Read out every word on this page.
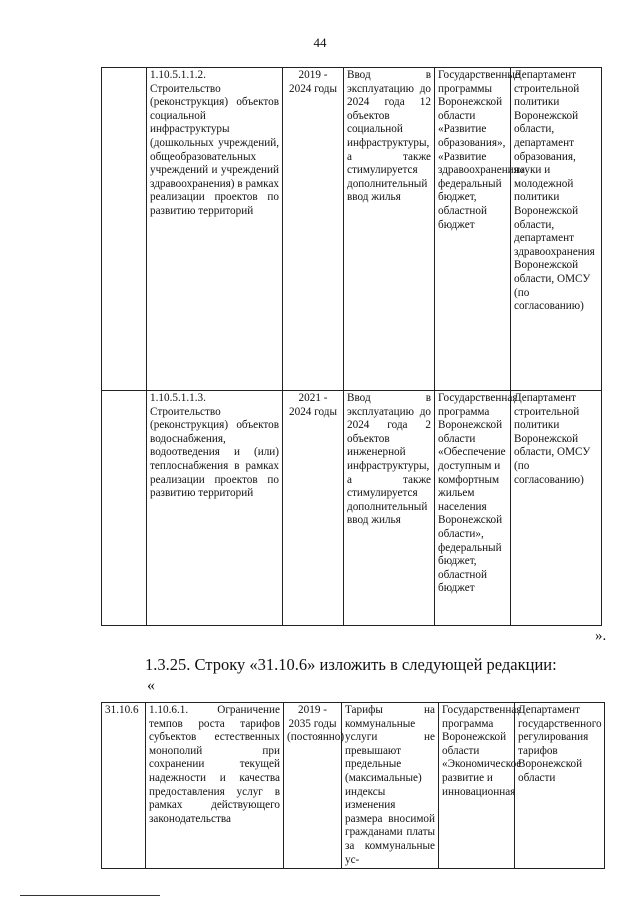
44
	1.10.5.1.1.2. Строительство (реконструкция) объектов социальной инфраструктуры (дошкольных учреждений, общеобразовательных учреждений и учреждений здравоохранения) в рамках реализации проектов по развитию территорий	2019 - 2024 годы	Ввод в эксплуатацию до 2024 года 12 объектов социальной инфраструктуры, а также стимулируется дополнительный ввод жилья	Государственные программы Воронежской области «Развитие образования», «Развитие здравоохранения» федеральный бюджет, областной бюджет	Департамент строительной политики Воронежской области, департамент образования, науки и молодежной политики Воронежской области, департамент здравоохранения Воронежской области, ОМСУ (по согласованию)
	1.10.5.1.1.3. Строительство (реконструкция) объектов водоснабжения, водоотведения и (или) теплоснабжения в рамках реализации проектов по развитию территорий	2021 - 2024 годы	Ввод в эксплуатацию до 2024 года 2 объектов инженерной инфраструктуры, а также стимулируется дополнительный ввод жилья	Государственная программа Воронежской области «Обеспечение доступным и комфортным жильем населения Воронежской области», федеральный бюджет, областной бюджет	Департамент строительной политики Воронежской области, ОМСУ (по согласованию)
».
1.3.25. Строку «31.10.6» изложить в следующей редакции:
«
31.10.6	1.10.6.1. Ограничение темпов роста тарифов субъектов естественных монополий при сохранении текущей надежности и качества предоставления услуг в рамках действующего законодательства	2019 - 2035 годы (постоянно)	Тарифы на коммунальные услуги не превышают предельные (максимальные) индексы изменения размера вносимой гражданами платы за коммунальные ус-	Государственная программа Воронежской области «Экономическое развитие и инновационная	Департамент государственного регулирования тарифов Воронежской области
